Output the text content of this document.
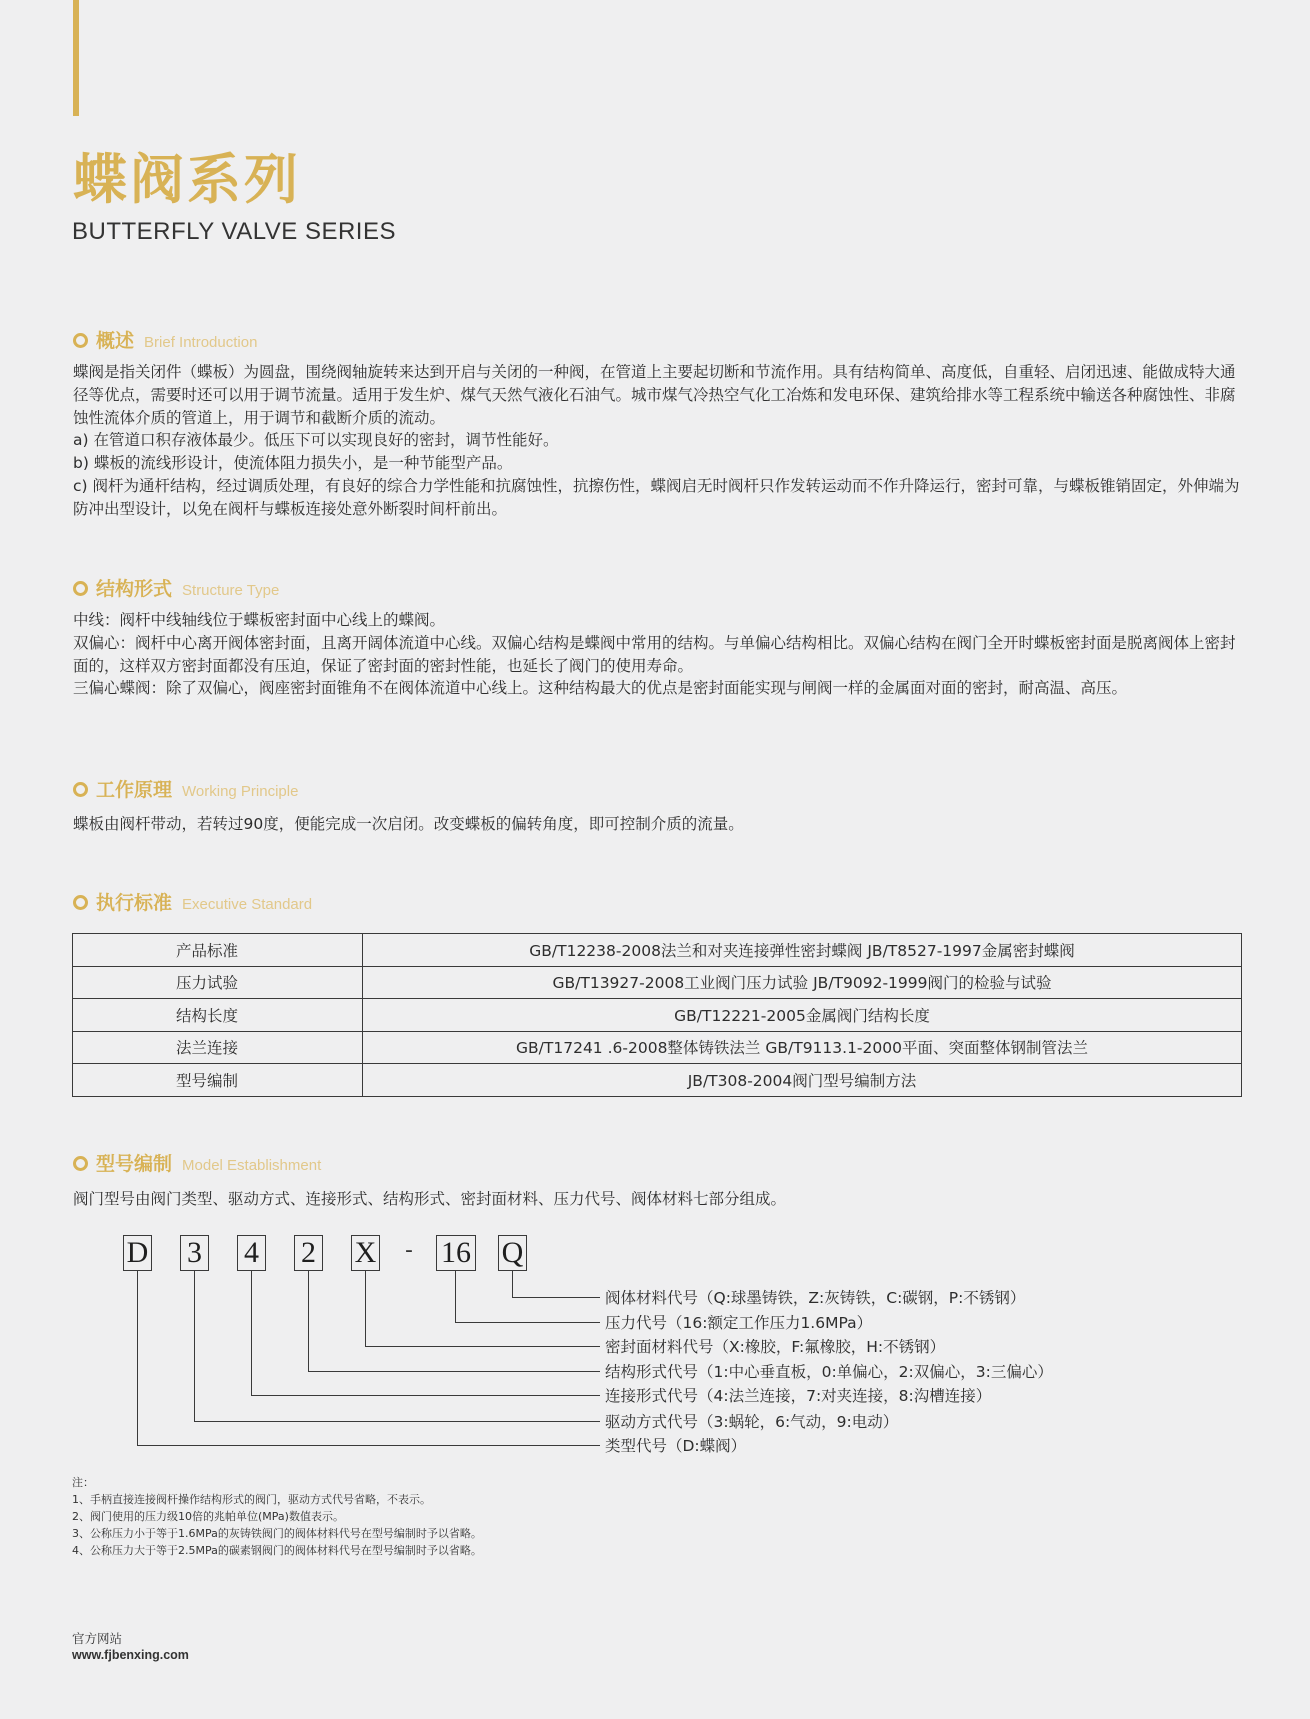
蝶阀系列
BUTTERFLY VALVE SERIES
概述 Brief Introduction

蝶阀是指关闭件（蝶板）为圆盘，围绕阀轴旋转来达到开启与关闭的一种阀，在管道上主要起切断和节流作用。具有结构简单、高度低，自重轻、启闭迅速、能做成特大通径等优点，需要时还可以用于调节流量。适用于发生炉、煤气天然气液化石油气。城市煤气冷热空气化工冶炼和发电环保、建筑给排水等工程系统中输送各种腐蚀性、非腐蚀性流体介质的管道上，用于调节和截断介质的流动。

a) 在管道口积存液体最少。低压下可以实现良好的密封，调节性能好。

b) 蝶板的流线形设计，使流体阻力损失小，是一种节能型产品。

c) 阀杆为通杆结构，经过调质处理，有良好的综合力学性能和抗腐蚀性，抗擦伤性，蝶阀启无时阀杆只作发转运动而不作升降运行，密封可靠，与蝶板锥销固定，外伸端为防冲出型设计，以免在阀杆与蝶板连接处意外断裂时间杆前出。

结构形式 Structure Type

中线：阀杆中线轴线位于蝶板密封面中心线上的蝶阀。

双偏心：阀杆中心离开阀体密封面，且离开阔体流道中心线。双偏心结构是蝶阀中常用的结构。与单偏心结构相比。双偏心结构在阀门全开时蝶板密封面是脱离阀体上密封面的，这样双方密封面都没有压迫，保证了密封面的密封性能，也延长了阀门的使用寿命。

三偏心蝶阀：除了双偏心，阀座密封面锥角不在阀体流道中心线上。这种结构最大的优点是密封面能实现与闸阀一样的金属面对面的密封，耐高温、高压。

工作原理 Working Principle

蝶板由阀杆带动，若转过90度，便能完成一次启闭。改变蝶板的偏转角度，即可控制介质的流量。

执行标准 Executive Standard
产品标准	GB/T12238-2008法兰和对夹连接弹性密封蝶阀 JB/T8527-1997金属密封蝶阀
压力试验	GB/T13927-2008工业阀门压力试验 JB/T9092-1999阀门的检验与试验
结构长度	GB/T12221-2005金属阀门结构长度
法兰连接	GB/T17241 .6-2008整体铸铁法兰 GB/T9113.1-2000平面、突面整体钢制管法兰
型号编制	JB/T308-2004阀门型号编制方法
型号编制 Model Establishment
阀门型号由阀门类型、驱动方式、连接形式、结构形式、密封面材料、压力代号、阀体材料七部分组成。
D 3 4 2 X - 16 Q
阀体材料代号（Q:球墨铸铁，Z:灰铸铁，C:碳钢，P:不锈钢）
压力代号（16:额定工作压力1.6MPa）
密封面材料代号（X:橡胶，F:氟橡胶，H:不锈钢）
结构形式代号（1:中心垂直板，0:单偏心，2:双偏心，3:三偏心）
连接形式代号（4:法兰连接，7:对夹连接，8:沟槽连接）
驱动方式代号（3:蜗轮，6:气动，9:电动）
类型代号（D:蝶阀）
注：
1、手柄直接连接阀杆操作结构形式的阀门，驱动方式代号省略，不表示。
2、阀门使用的压力级10倍的兆帕单位(MPa)数值表示。
3、公称压力小于等于1.6MPa的灰铸铁阀门的阀体材料代号在型号编制时予以省略。
4、公称压力大于等于2.5MPa的碳素钢阀门的阀体材料代号在型号编制时予以省略。
官方网站
www.fjbenxing.com
